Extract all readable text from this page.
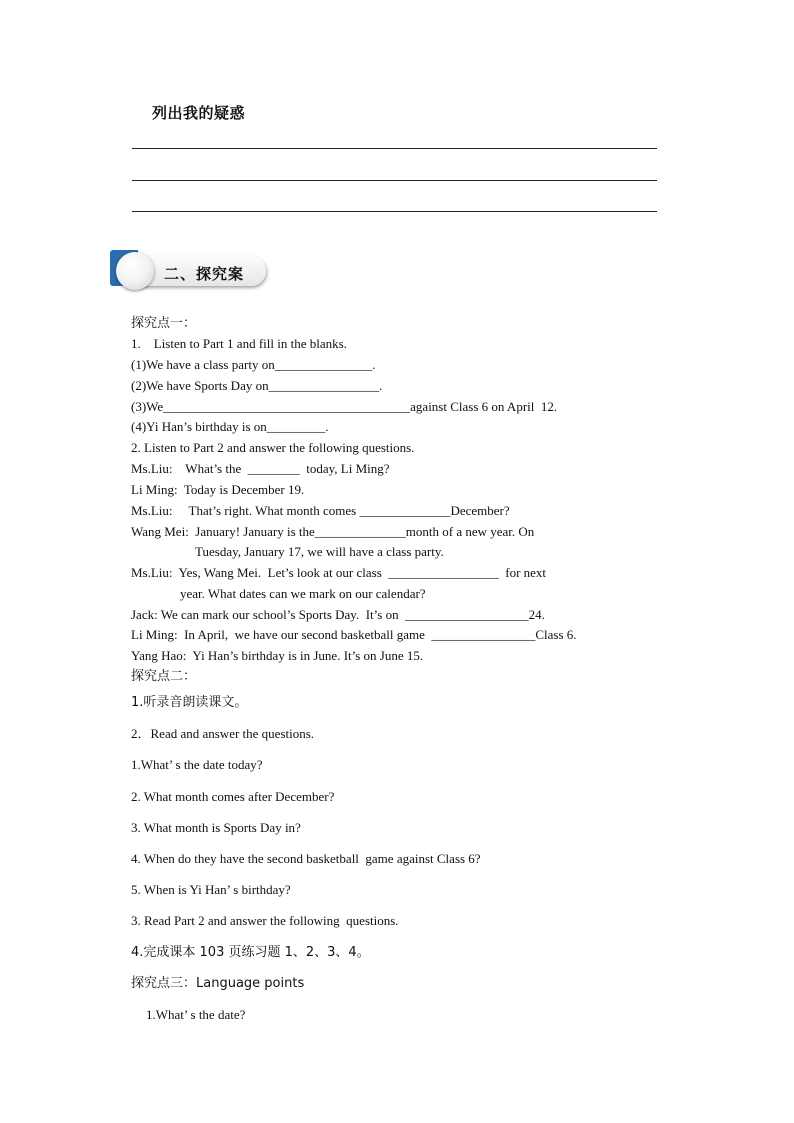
列出我的疑惑
二、探究案
探究点一：
1.    Listen to Part 1 and fill in the blanks.
(1)We have a class party on_______________.
(2)We have Sports Day on_________________.
(3)We______________________________________against Class 6 on April  12.
(4)Yi Han’s birthday is on_________.
2. Listen to Part 2 and answer the following questions.
Ms.Liu:    What’s the  ________  today, Li Ming?
Li Ming:  Today is December 19.
Ms.Liu:     That’s right. What month comes ______________December?
Wang Mei:  January! January is the______________month of a new year. On
Tuesday, January 17, we will have a class party.
Ms.Liu:  Yes, Wang Mei.  Let’s look at our class  _________________  for next
year. What dates can we mark on our calendar?
Jack: We can mark our school’s Sports Day.  It’s on  ___________________24.
Li Ming:  In April,  we have our second basketball game  ________________Class 6.
Yang Hao:  Yi Han’s birthday is in June. It’s on June 15.
探究点二：
1.听录音朗读课文。
2．Read and answer the questions.
1.What’ s the date today?
2. What month comes after December?
3. What month is Sports Day in?
4. When do they have the second basketball  game against Class 6?
5. When is Yi Han’ s birthday?
3. Read Part 2 and answer the following  questions.
4.完成课本 103 页练习题 1、2、3、4。
探究点三：Language points
1.What’ s the date?
